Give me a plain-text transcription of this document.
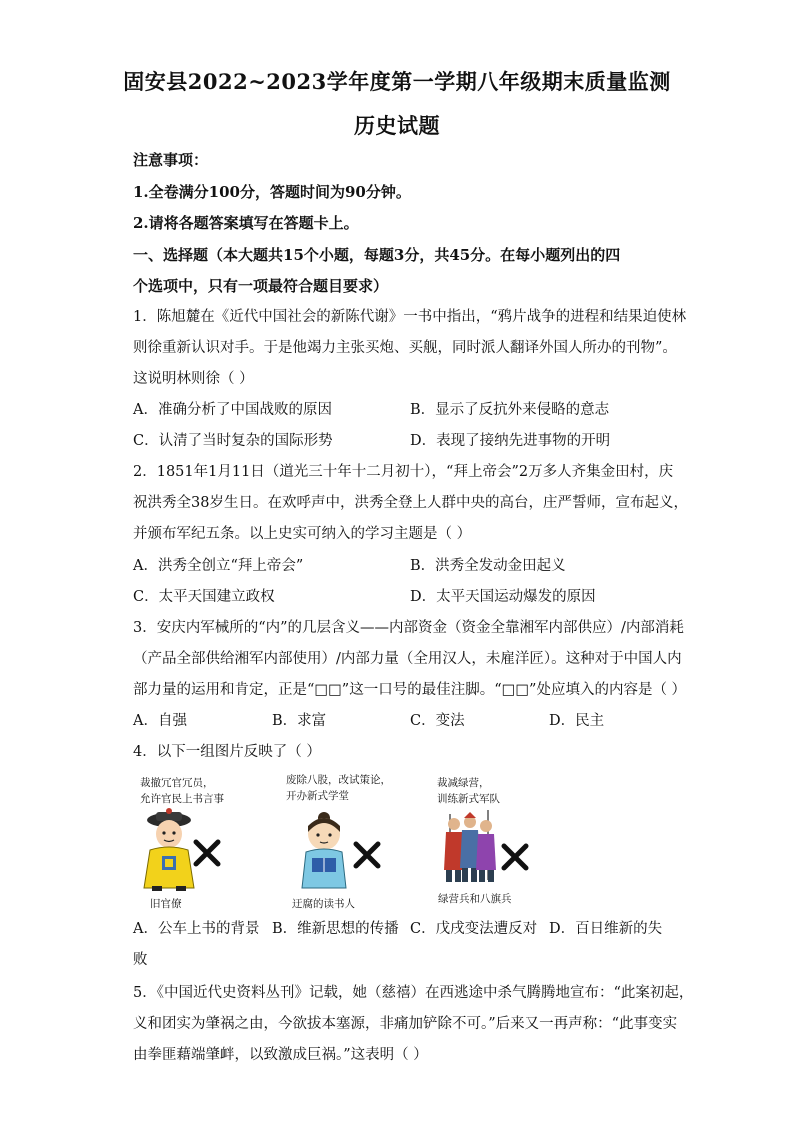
固安县2022~2023学年度第一学期八年级期末质量监测
历史试题
注意事项：
1.全卷满分100分，答题时间为90分钟。
2.请将各题答案填写在答题卡上。
一、选择题（本大题共15个小题，每题3分，共45分。在每小题列出的四
个选项中，只有一项最符合题目要求）
1．陈旭麓在《近代中国社会的新陈代谢》一书中指出，“鸦片战争的进程和结果迫使林
则徐重新认识对手。于是他竭力主张买炮、买舰，同时派人翻译外国人所办的刊物”。
这说明林则徐（ ）
A．准确分析了中国战败的原因	B．显示了反抗外来侵略的意志
C．认清了当时复杂的国际形势	D．表现了接纳先进事物的开明
2．1851年1月11日（道光三十年十二月初十），“拜上帝会”2万多人齐集金田村，庆
祝洪秀全38岁生日。在欢呼声中，洪秀全登上人群中央的高台，庄严誓师，宣布起义，
并颁布军纪五条。以上史实可纳入的学习主题是（ ）
A．洪秀全创立“拜上帝会”	B．洪秀全发动金田起义
C．太平天国建立政权	D．太平天国运动爆发的原因
3．安庆内军械所的“内”的几层含义——内部资金（资金全靠湘军内部供应）/内部消耗
（产品全部供给湘军内部使用）/内部力量（全用汉人，未雇洋匠）。这种对于中国人内
部力量的运用和肯定，正是“□□”这一口号的最佳注脚。“□□”处应填入的内容是（ ）
A．自强	B．求富	C．变法	D．民主
4．以下一组图片反映了（ ）
裁撤冗官冗员，
允许官民上书言事
旧官僚
废除八股，改试策论，
开办新式学堂
迂腐的读书人
裁减绿营，
训练新式军队
绿营兵和八旗兵
A．公车上书的背景 B．维新思想的传播 C．戊戌变法遭反对 D．百日维新的失
败
5．《中国近代史资料丛刊》记载，她（慈禧）在西逃途中杀气腾腾地宣布：“此案初起，
义和团实为肇祸之由，今欲拔本塞源，非痛加铲除不可。”后来又一再声称：“此事变实
由拳匪藉端肇衅，以致激成巨祸。”这表明（ ）
